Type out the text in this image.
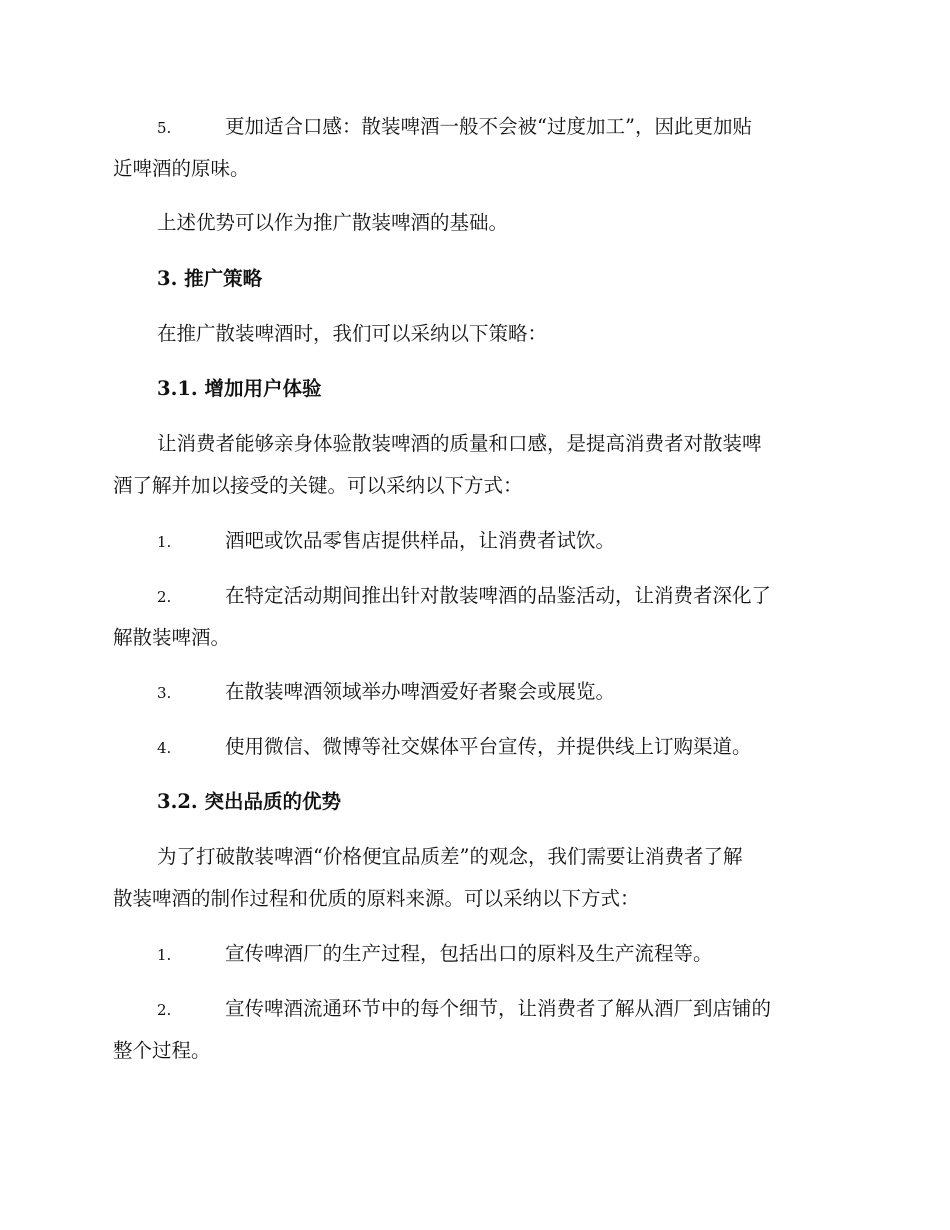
5.	更加适合口感：散装啤酒一般不会被“过度加工”，因此更加贴
近啤酒的原味。
上述优势可以作为推广散装啤酒的基础。
3. 推广策略
在推广散装啤酒时，我们可以采纳以下策略：
3.1. 增加用户体验
让消费者能够亲身体验散装啤酒的质量和口感，是提高消费者对散装啤
酒了解并加以接受的关键。可以采纳以下方式：
1.	酒吧或饮品零售店提供样品，让消费者试饮。
2.	在特定活动期间推出针对散装啤酒的品鉴活动，让消费者深化了
解散装啤酒。
3.	在散装啤酒领域举办啤酒爱好者聚会或展览。
4.	使用微信、微博等社交媒体平台宣传，并提供线上订购渠道。
3.2. 突出品质的优势
为了打破散装啤酒“价格便宜品质差”的观念，我们需要让消费者了解
散装啤酒的制作过程和优质的原料来源。可以采纳以下方式：
1.	宣传啤酒厂的生产过程，包括出口的原料及生产流程等。
2.	宣传啤酒流通环节中的每个细节，让消费者了解从酒厂到店铺的
整个过程。
